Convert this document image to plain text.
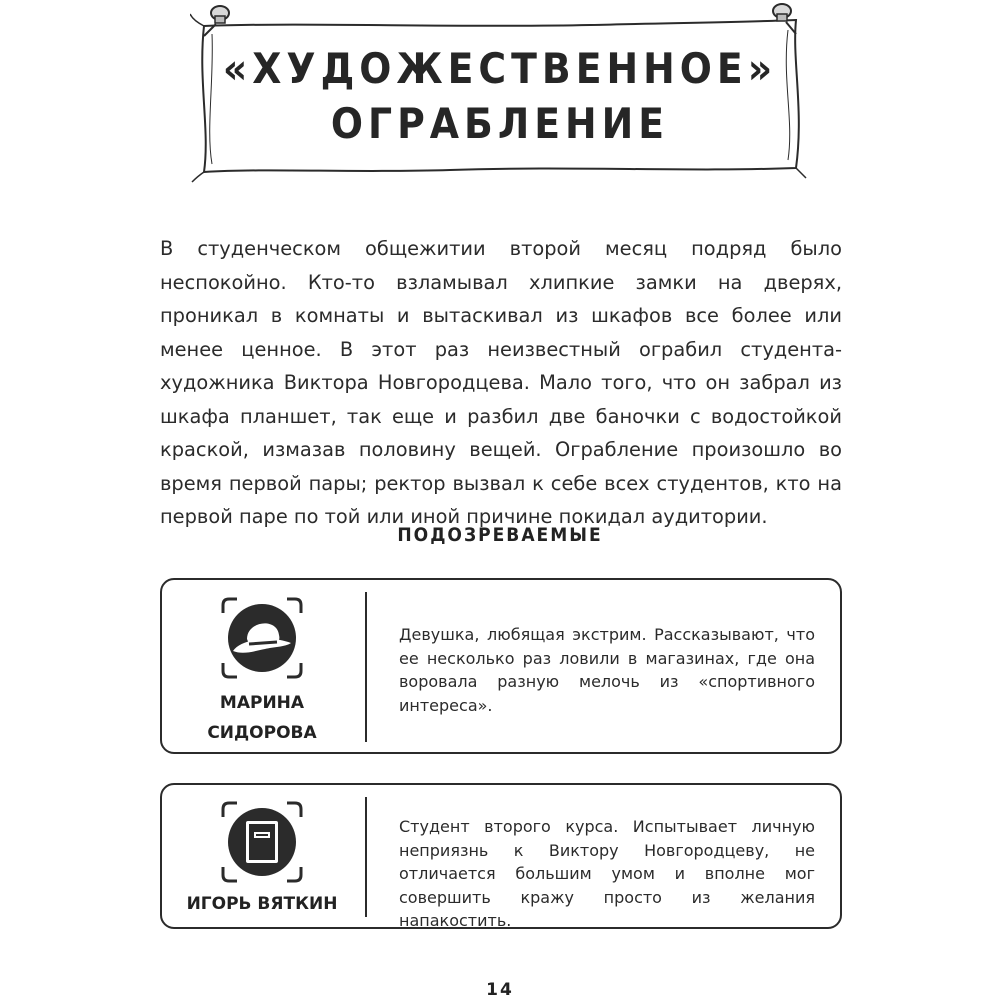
«ХУДОЖЕСТВЕННОЕ»
ОГРАБЛЕНИЕ
В студенческом общежитии второй месяц подряд было неспокойно. Кто-то взламывал хлипкие замки на дверях, проникал в комнаты и вытаскивал из шкафов все более или менее ценное. В этот раз неизвестный ограбил студента-художника Виктора Новгородцева. Мало того, что он забрал из шкафа планшет, так еще и разбил две баночки с водостойкой краской, измазав половину вещей. Ограбление произошло во время первой пары; ректор вызвал к себе всех студентов, кто на первой паре по той или иной причине покидал аудитории.
ПОДОЗРЕВАЕМЫЕ
МАРИНА
СИДОРОВА
Девушка, любящая экстрим. Рассказывают, что ее несколько раз ловили в магазинах, где она воровала разную мелочь из «спортивного интереса».
ИГОРЬ ВЯТКИН
Студент второго курса. Испытывает личную неприязнь к Виктору Новгородцеву, не отличается большим умом и вполне мог совершить кражу просто из желания напакостить.
14
